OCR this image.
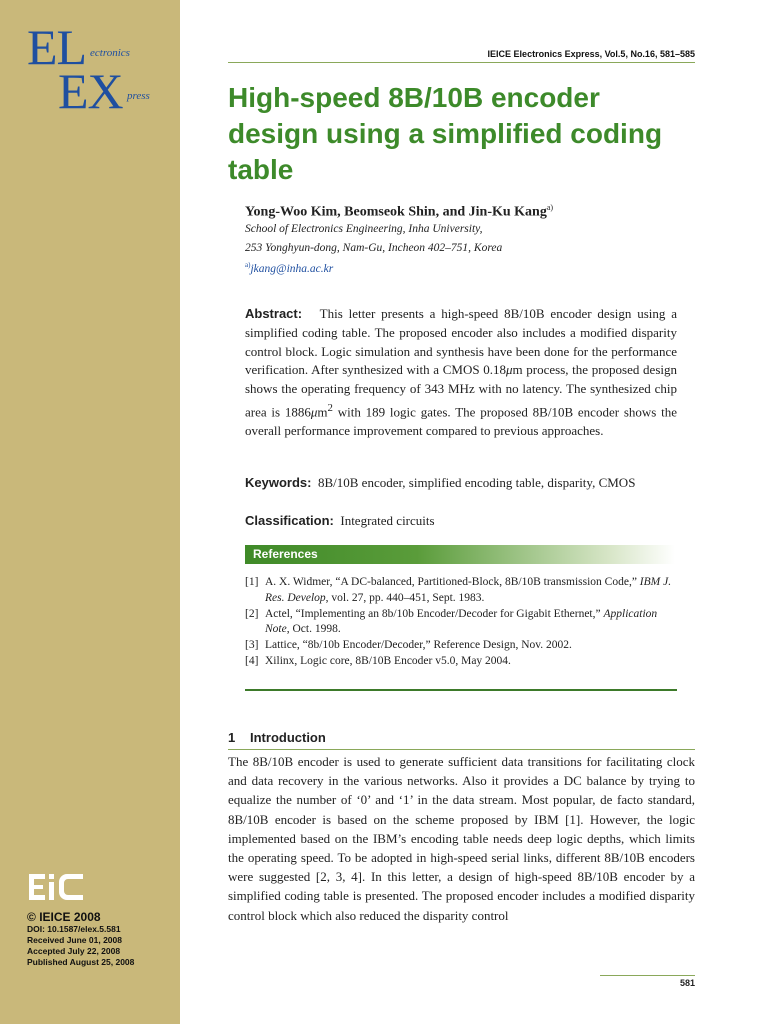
EL ectronics
EX press
© IEICE 2008
DOI: 10.1587/elex.5.581
Received June 01, 2008
Accepted July 22, 2008
Published August 25, 2008
IEICE Electronics Express, Vol.5, No.16, 581–585
High-speed 8B/10B encoder design using a simplified coding table
Yong-Woo Kim, Beomseok Shin, and Jin-Ku Kang$^{a)}$
School of Electronics Engineering, Inha University,
253 Yonghyun-dong, Nam-Gu, Incheon 402–751, Korea
$^{a)}$jkang@inha.ac.kr
Abstract: This letter presents a high-speed 8B/10B encoder design using a simplified coding table. The proposed encoder also includes a modified disparity control block. Logic simulation and synthesis have been done for the performance verification. After synthesized with a CMOS 0.18μm process, the proposed design shows the operating frequency of 343 MHz with no latency. The synthesized chip area is $1886\mu m^2$ with 189 logic gates. The proposed 8B/10B encoder shows the overall performance improvement compared to previous approaches.
Keywords: 8B/10B encoder, simplified encoding table, disparity, CMOS
Classification: Integrated circuits
References
[1] A. X. Widmer, “A DC-balanced, Partitioned-Block, 8B/10B transmission Code,” IBM J. Res. Develop, vol. 27, pp. 440–451, Sept. 1983.
[2] Actel, “Implementing an 8b/10b Encoder/Decoder for Gigabit Ethernet,” Application Note, Oct. 1998.
[3] Lattice, “8b/10b Encoder/Decoder,” Reference Design, Nov. 2002.
[4] Xilinx, Logic core, 8B/10B Encoder v5.0, May 2004.
1 Introduction

The 8B/10B encoder is used to generate sufficient data transitions for facilitating clock and data recovery in the various networks. Also it provides a DC balance by trying to equalize the number of ‘0’ and ‘1’ in the data stream. Most popular, de facto standard, 8B/10B encoder is based on the scheme proposed by IBM [1]. However, the logic implemented based on the IBM’s encoding table needs deep logic depths, which limits the operating speed. To be adopted in high-speed serial links, different 8B/10B encoders were suggested [2, 3, 4]. In this letter, a design of high-speed 8B/10B encoder by a simplified coding table is presented. The proposed encoder includes a modified disparity control block which also reduced the disparity control

581
